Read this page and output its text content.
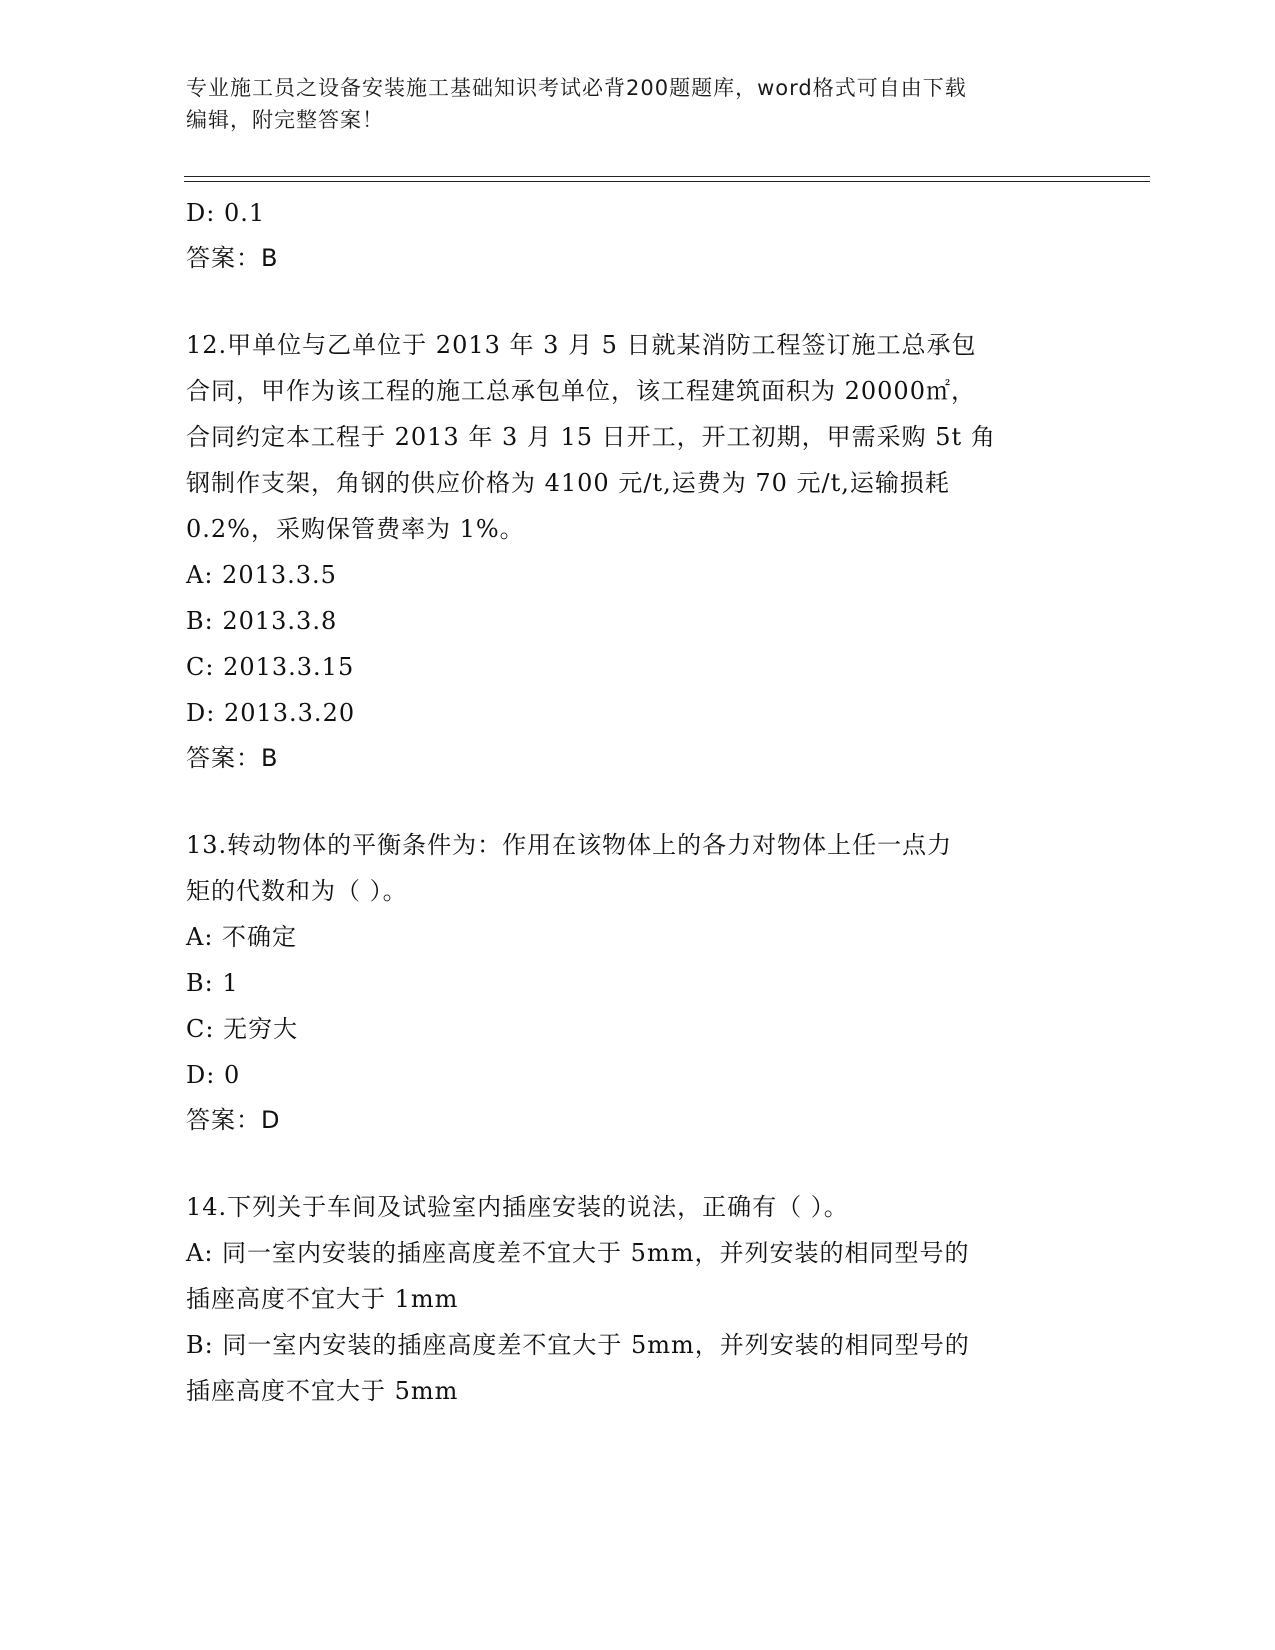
专业施工员之设备安装施工基础知识考试必背200题题库，word格式可自由下载
编辑，附完整答案！
D: 0.1
答案：B
12.甲单位与乙单位于 2013 年 3 月 5 日就某消防工程签订施工总承包
合同，甲作为该工程的施工总承包单位，该工程建筑面积为 20000㎡，
合同约定本工程于 2013 年 3 月 15 日开工，开工初期，甲需采购 5t 角
钢制作支架，角钢的供应价格为 4100 元/t,运费为 70 元/t,运输损耗
0.2%，采购保管费率为 1%。
A: 2013.3.5
B: 2013.3.8
C: 2013.3.15
D: 2013.3.20
答案：B
13.转动物体的平衡条件为：作用在该物体上的各力对物体上任一点力
矩的代数和为（ ）。
A: 不确定
B: 1
C: 无穷大
D: 0
答案：D
14.下列关于车间及试验室内插座安装的说法，正确有（ ）。
A: 同一室内安装的插座高度差不宜大于 5mm，并列安装的相同型号的
插座高度不宜大于 1mm
B: 同一室内安装的插座高度差不宜大于 5mm，并列安装的相同型号的
插座高度不宜大于 5mm
